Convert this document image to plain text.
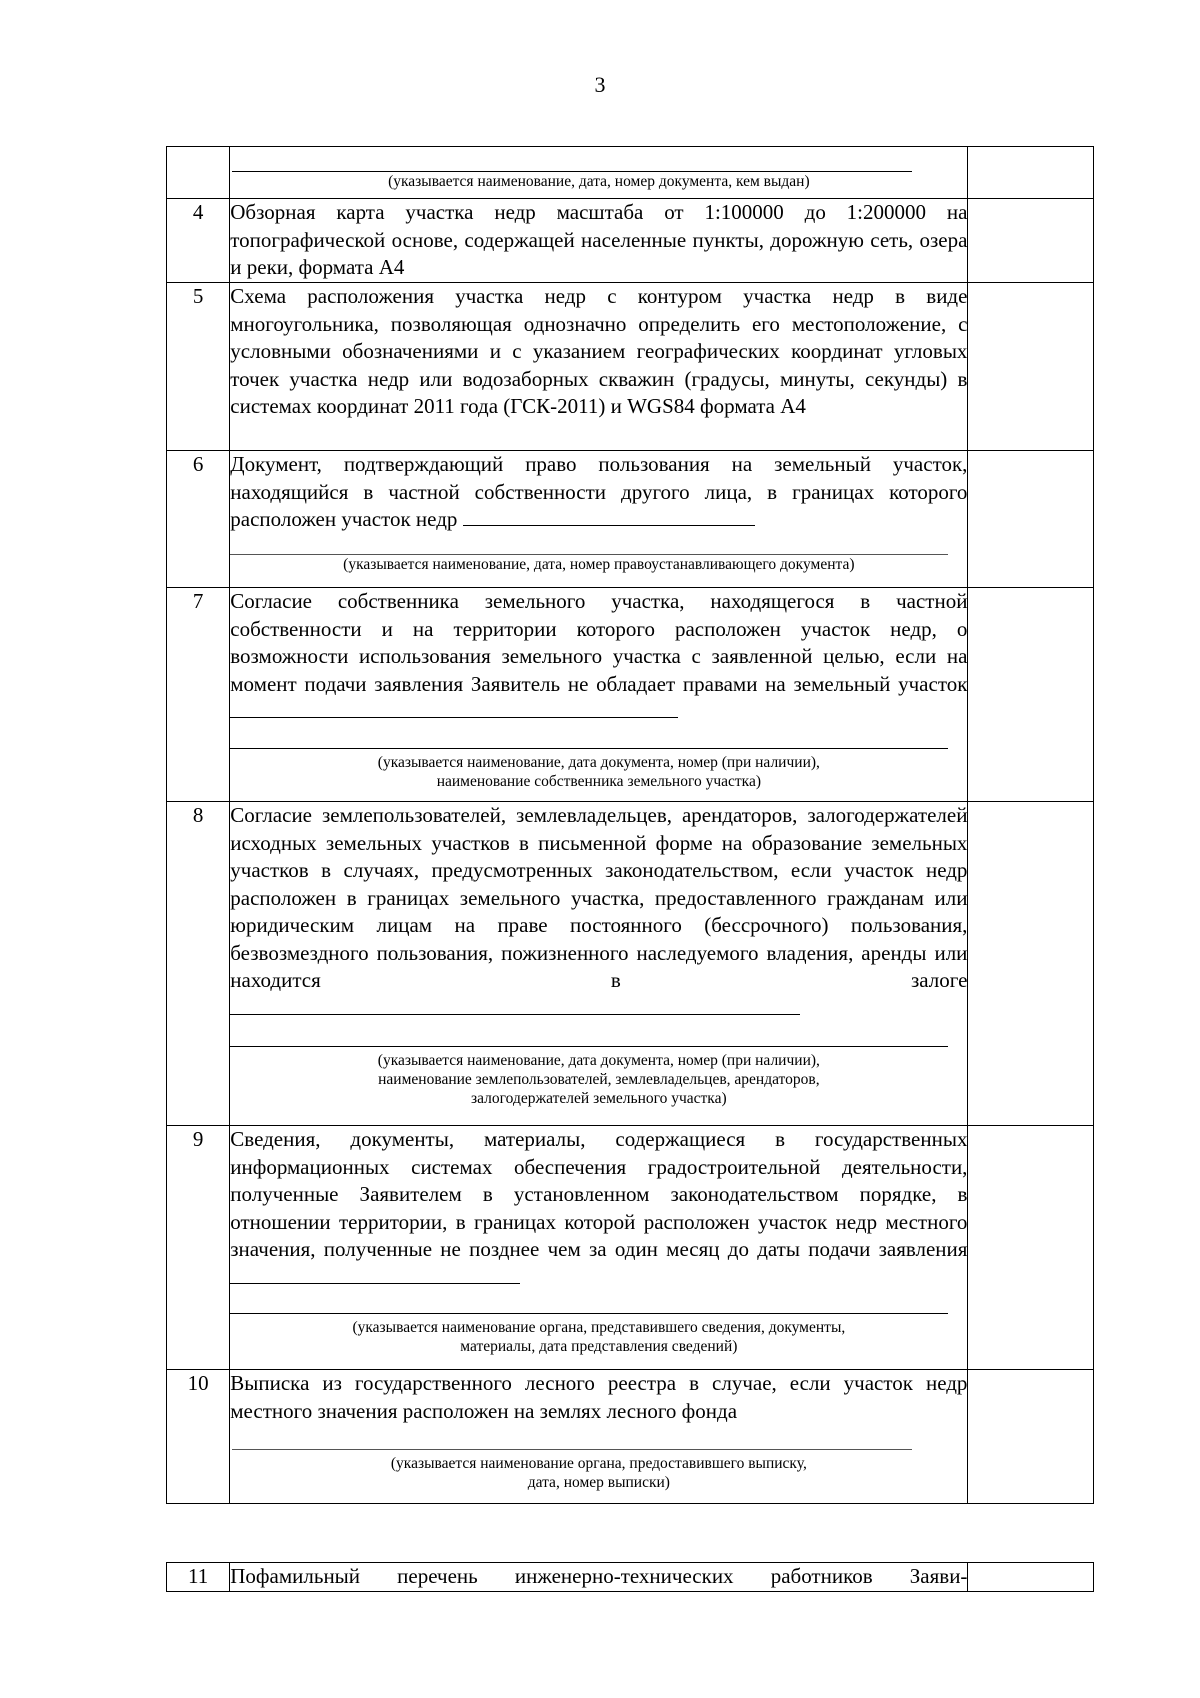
3

	(указывается наименование, дата, номер документа, кем выдан)	

4	Обзорная карта участка недр масштаба от 1:100000 до 1:200000 на топографической основе, содержащей населенные пункты, дорожную сеть, озера и реки, формата А4	

5	Схема расположения участка недр с контуром участка недр в виде многоугольника, позволяющая однозначно определить его местоположение, с условными обозначениями и с указанием географических координат угловых точек участка недр или водозаборных скважин (градусы, минуты, секунды) в системах координат 2011 года (ГСК-2011) и WGS84 формата А4	

6	Документ, подтверждающий право пользования на земельный участок, находящийся в частной собственности другого лица, в границах которого расположен участок недр
(указывается наименование, дата, номер правоустанавливающего документа)	

7	Согласие собственника земельного участка, находящегося в частной собственности и на территории которого расположен участок недр, о возможности использования земельного участка с заявленной целью, если на момент подачи заявления Заявитель не обладает правами на земельный участок
(указывается наименование, дата документа, номер (при наличии),
наименование собственника земельного участка)	

8	Согласие землепользователей, землевладельцев, арендаторов, залогодержателей исходных земельных участков в письменной форме на образование земельных участков в случаях, предусмотренных законодательством, если участок недр расположен в границах земельного участка, предоставленного гражданам или юридическим лицам на праве постоянного (бессрочного) пользования, безвозмездного пользования, пожизненного наследуемого владения, аренды или находится в залоге
(указывается наименование, дата документа, номер (при наличии),
наименование землепользователей, землевладельцев, арендаторов,
залогодержателей земельного участка)	

9	Сведения, документы, материалы, содержащиеся в государственных информационных системах обеспечения градостроительной деятельности, полученные Заявителем в установленном законодательством порядке, в отношении территории, в границах которой расположен участок недр местного значения, полученные не позднее чем за один месяц до даты подачи заявления
(указывается наименование органа, представившего сведения, документы,
материалы, дата представления сведений)	

10	Выписка из государственного лесного реестра в случае, если участок недр местного значения расположен на землях лесного фонда
(указывается наименование органа, предоставившего выписку,
дата, номер выписки)	

11	Пофамильный перечень инженерно-технических работников Заяви-
